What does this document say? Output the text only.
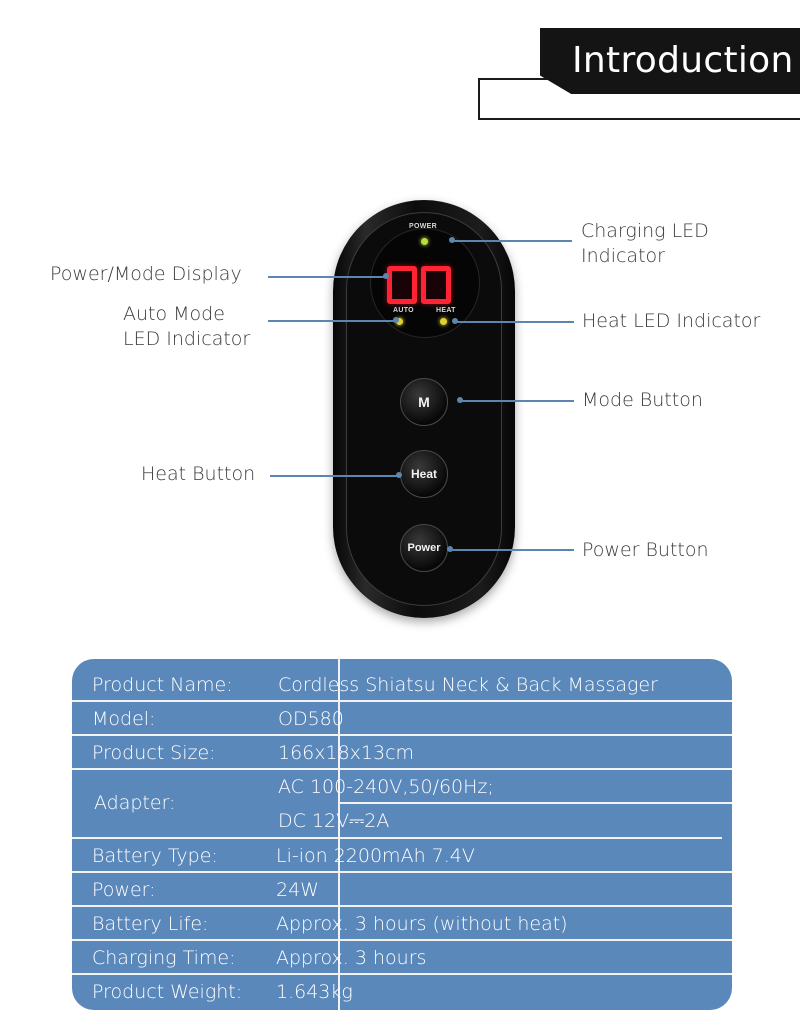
Introduction
POWER
AUTO	HEAT
M
Heat
Power
Power/Mode Display
Auto Mode
LED Indicator
Heat Button
Charging LED
Indicator
Heat LED Indicator
Mode Button
Power Button
Product Name: Cordless Shiatsu Neck & Back Massager
Model:	OD580
Product Size:	166x18x13cm
Adapter:
AC 100-240V,50/60Hz;
DC 12V⎓2A
Battery Type:	Li-ion 2200mAh 7.4V
Power:	24W
Battery Life:	Approx. 3 hours (without heat)
Charging Time: Approx. 3 hours
Product Weight: 1.643kg
